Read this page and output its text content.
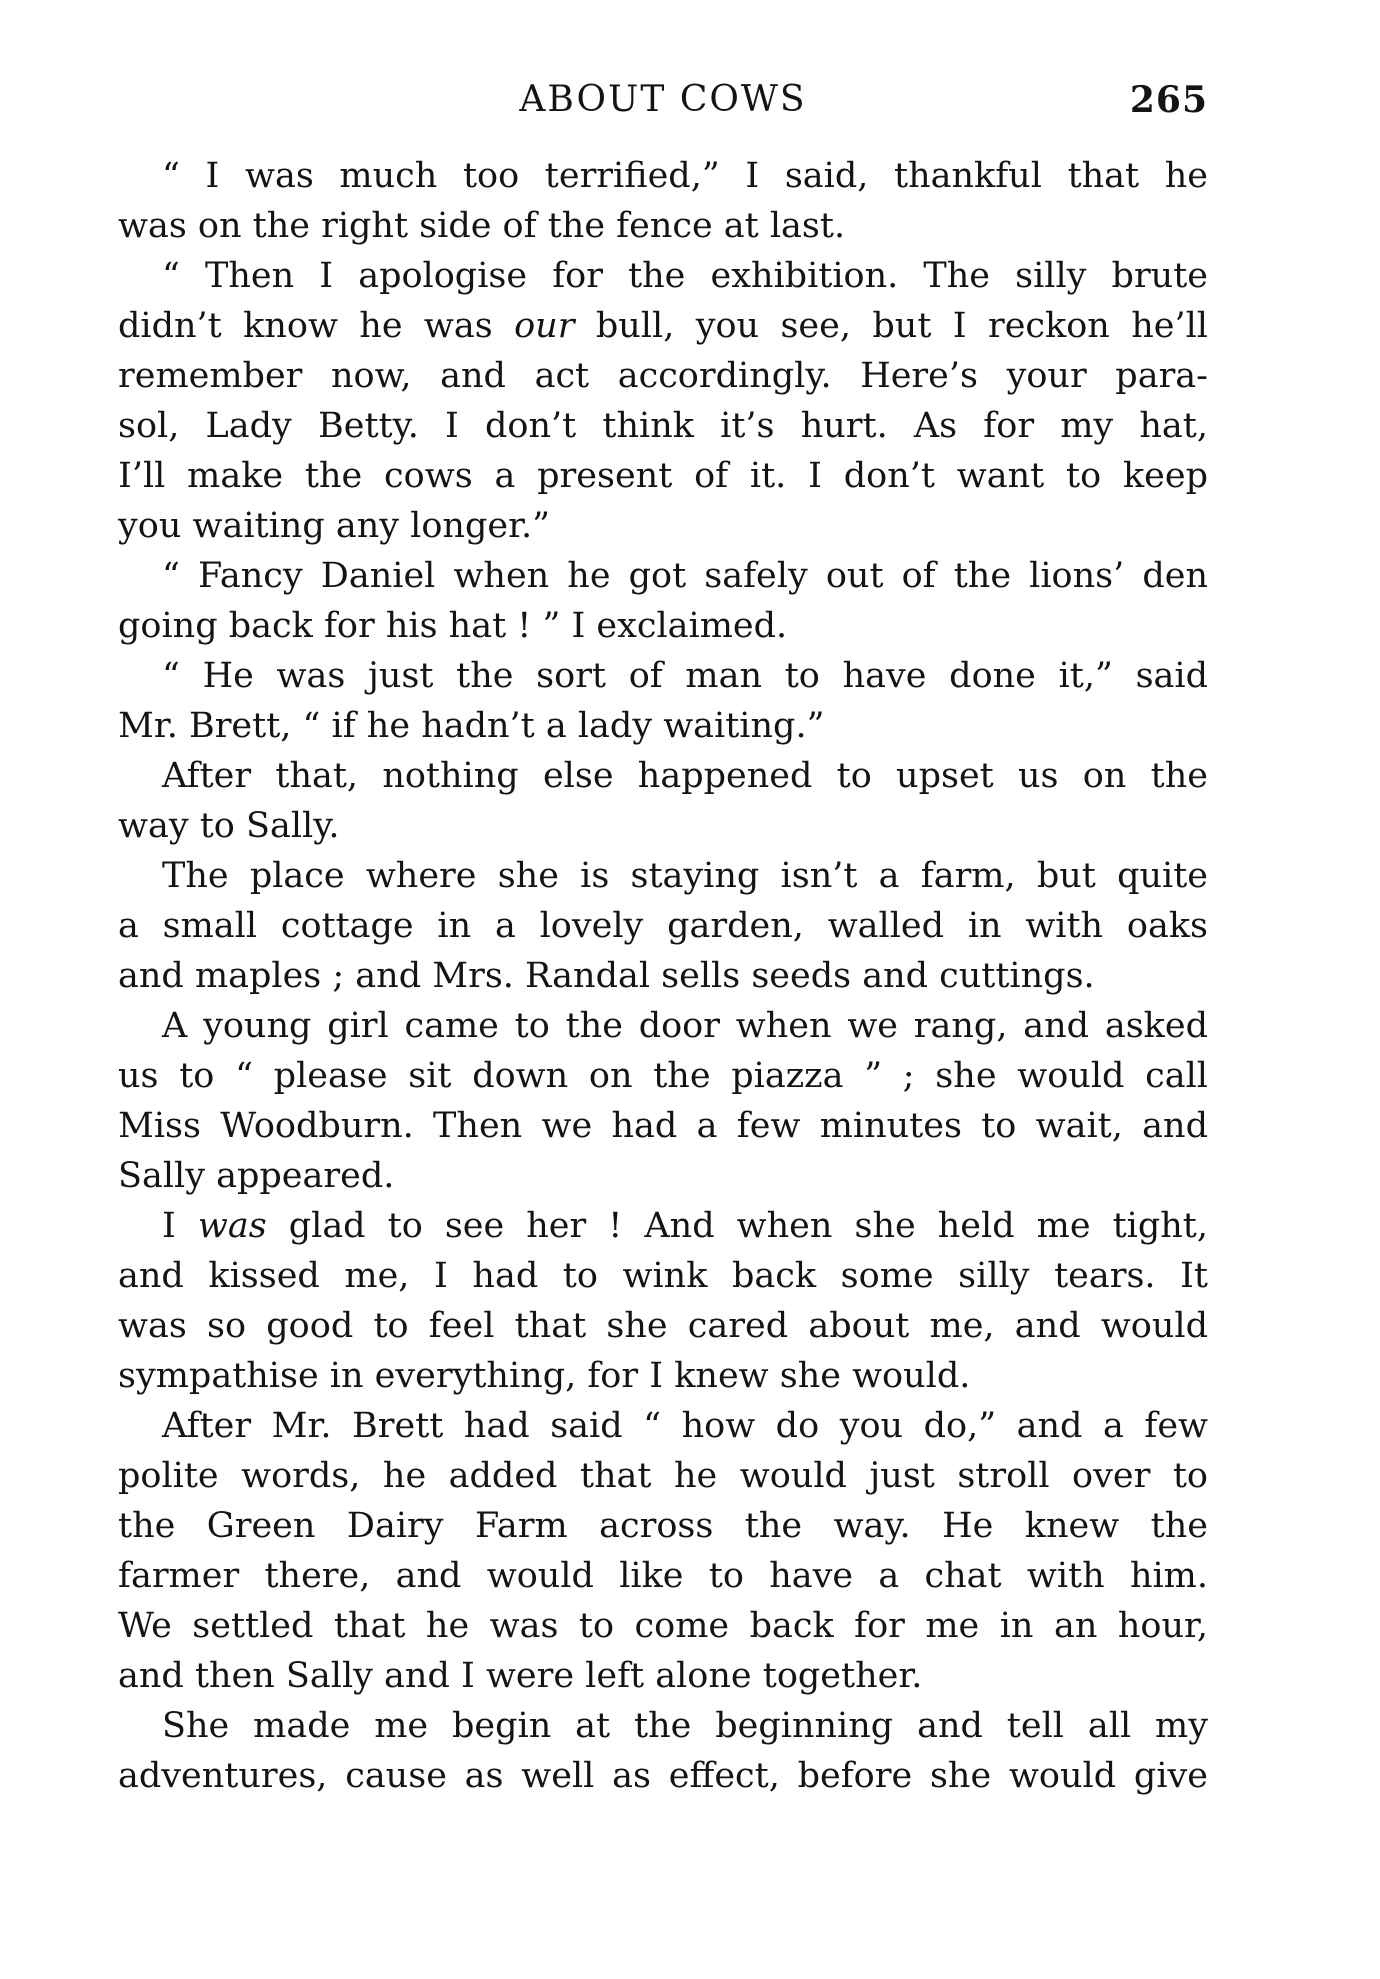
ABOUT COWS	265

“ I was much too terrified,” I said, thankful that he
was on the right side of the fence at last.

“ Then I apologise for the exhibition. The silly brute
didn’t know he was our bull, you see, but I reckon he’ll
remember now, and act accordingly. Here’s your para-
sol, Lady Betty. I don’t think it’s hurt. As for my hat,
I’ll make the cows a present of it. I don’t want to keep
you waiting any longer.”

“ Fancy Daniel when he got safely out of the lions’ den
going back for his hat ! ” I exclaimed.

“ He was just the sort of man to have done it,” said
Mr. Brett, “ if he hadn’t a lady waiting.”

After that, nothing else happened to upset us on the
way to Sally.

The place where she is staying isn’t a farm, but quite
a small cottage in a lovely garden, walled in with oaks
and maples ; and Mrs. Randal sells seeds and cuttings.

A young girl came to the door when we rang, and asked
us to “ please sit down on the piazza ” ; she would call
Miss Woodburn. Then we had a few minutes to wait, and
Sally appeared.

I was glad to see her ! And when she held me tight,
and kissed me, I had to wink back some silly tears. It
was so good to feel that she cared about me, and would
sympathise in everything, for I knew she would.

After Mr. Brett had said “ how do you do,” and a few
polite words, he added that he would just stroll over to
the Green Dairy Farm across the way. He knew the
farmer there, and would like to have a chat with him.
We settled that he was to come back for me in an hour,
and then Sally and I were left alone together.

She made me begin at the beginning and tell all my
adventures, cause as well as effect, before she would give
